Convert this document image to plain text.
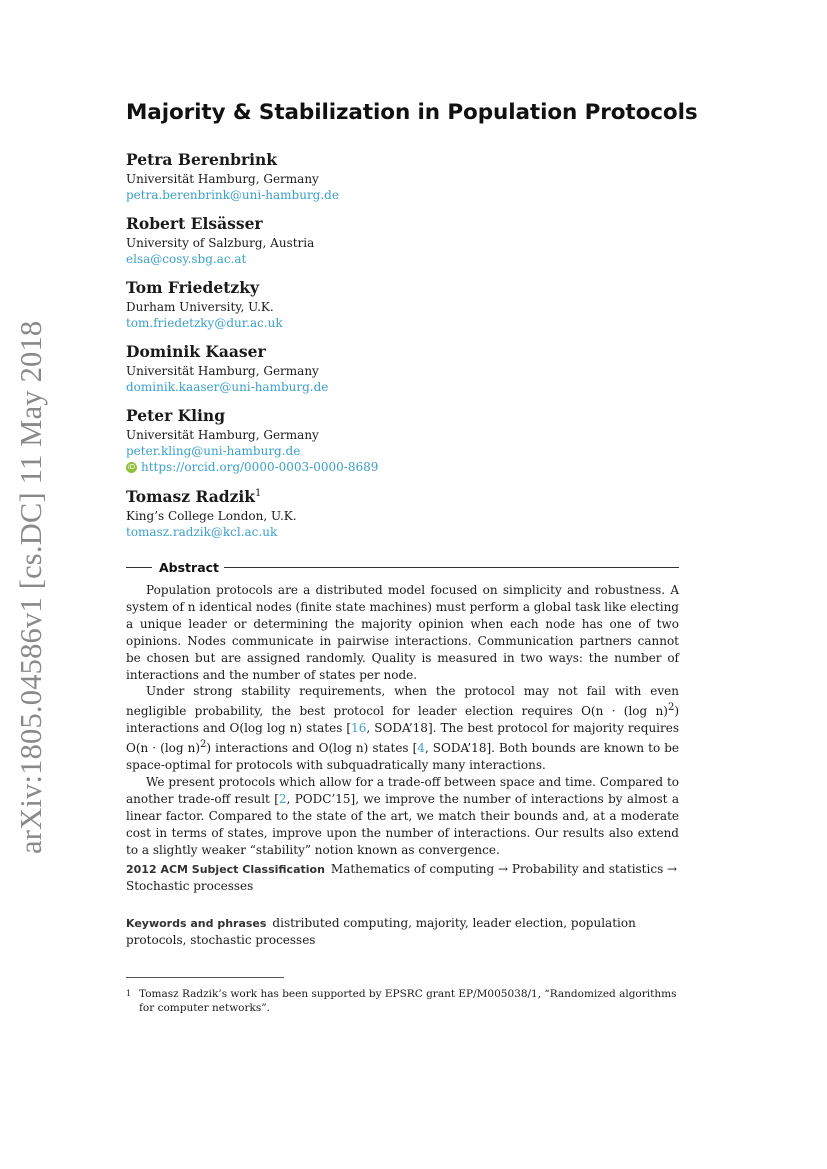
arXiv:1805.04586v1 [cs.DC] 11 May 2018
Majority & Stabilization in Population Protocols
Petra Berenbrink
Universität Hamburg, Germany
petra.berenbrink@uni-hamburg.de
Robert Elsässer
University of Salzburg, Austria
elsa@cosy.sbg.ac.at
Tom Friedetzky
Durham University, U.K.
tom.friedetzky@dur.ac.uk
Dominik Kaaser
Universität Hamburg, Germany
dominik.kaaser@uni-hamburg.de
Peter Kling
Universität Hamburg, Germany
peter.kling@uni-hamburg.de
iD https://orcid.org/0000-0003-0000-8689
Tomasz Radzik$^1$
King’s College London, U.K.
tomasz.radzik@kcl.ac.uk
Abstract

Population protocols are a distributed model focused on simplicity and robustness. A system of n identical nodes (finite state machines) must perform a global task like electing a unique leader or determining the majority opinion when each node has one of two opinions. Nodes communicate in pairwise interactions. Communication partners cannot be chosen but are assigned randomly. Quality is measured in two ways: the number of interactions and the number of states per node.

Under strong stability requirements, when the protocol may not fail with even negligible probability, the best protocol for leader election requires O(n · (log n)$^2$) interactions and O(log log n) states [16, SODA’18]. The best protocol for majority requires O(n · (log n)$^2$) interactions and O(log n) states [4, SODA’18]. Both bounds are known to be space-optimal for protocols with subquadratically many interactions.

We present protocols which allow for a trade-off between space and time. Compared to another trade-off result [2, PODC’15], we improve the number of interactions by almost a linear factor. Compared to the state of the art, we match their bounds and, at a moderate cost in terms of states, improve upon the number of interactions. Our results also extend to a slightly weaker “stability” notion known as convergence.

2012 ACM Subject Classification Mathematics of computing → Probability and statistics → Stochastic processes
Keywords and phrases distributed computing, majority, leader election, population protocols, stochastic processes
1 Tomasz Radzik’s work has been supported by EPSRC grant EP/M005038/1, “Randomized algorithms for computer networks”.
